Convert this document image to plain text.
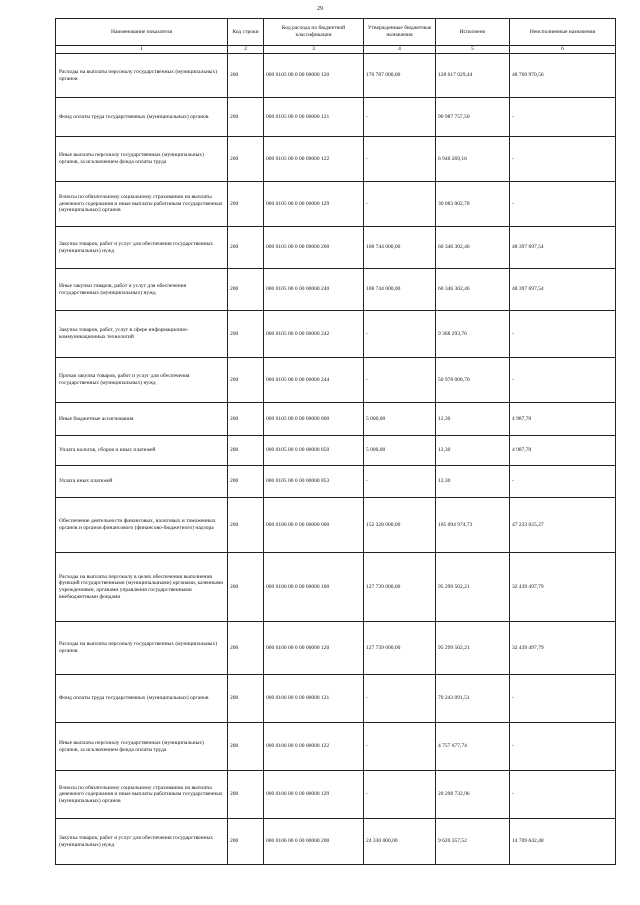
29
Наименование показателя	Код строки	Код расхода по бюджетной классификации	Утвержденные бюджетные назначения	Исполнено	Неисполненные назначения
1	2	3	4	5	6
Расходы на выплаты персоналу государственных (муниципальных) органов	200	000 0105 00 0 00 00000 120	176 787 000,00	128 017 029,44	48 769 970,56
Фонд оплаты труда государственных (муниципальных) органов	200	000 0105 00 0 00 00000 121	-	90 987 757,50	-
Иные выплаты персоналу государственных (муниципальных) органов, за исключением фонда оплаты труда	200	000 0105 00 0 00 00000 122	-	6 946 269,16	-
Взносы по обязательному социальному страхованию на выплаты денежного содержания и иные выплаты работникам государственных (муниципальных) органов	200	000 0105 00 0 00 00000 129	-	30 083 002,78	-
Закупка товаров, работ и услуг для обеспечения государственных (муниципальных) нужд	200	000 0105 00 0 00 00000 200	108 744 000,00	60 346 302,46	48 397 697,54
Иные закупки товаров, работ и услуг для обеспечения государственных (муниципальных) нужд	200	000 0105 00 0 00 00000 240	108 744 000,00	60 346 302,46	48 397 697,54
Закупка товаров, работ, услуг в сфере информационно-коммуникационных технологий	200	000 0105 00 0 00 00000 242	-	9 368 293,76	-
Прочая закупка товаров, работ и услуг для обеспечения государственных (муниципальных) нужд	200	000 0105 00 0 00 00000 244	-	50 978 008,70	-
Иные бюджетные ассигнования	200	000 0105 00 0 00 00000 800	5 000,00	12,30	4 987,70
Уплата налогов, сборов и иных платежей	200	000 0105 00 0 00 00000 850	5 000,00	12,30	4 987,70
Уплата иных платежей	200	000 0105 00 0 00 00000 853	-	12,30	-
Обеспечение деятельности финансовых, налоговых и таможенных органов и органов финансового (финансово-бюджетного) надзора	200	000 0106 00 0 00 00000 000	152 328 000,00	105 094 974,73	47 233 025,27
Расходы на выплаты персоналу в целях обеспечения выполнения функций государственными (муниципальными) органами, казенными учреждениями, органами управления государственными внебюджетными фондами	200	000 0106 00 0 00 00000 100	127 739 000,00	95 299 502,21	32 439 497,79
Расходы на выплаты персоналу государственных (муниципальных) органов	200	000 0106 00 0 00 00000 120	127 739 000,00	95 299 502,21	32 439 497,79
Фонд оплаты труда государственных (муниципальных) органов	200	000 0106 00 0 00 00000 121	-	70 243 091,51	-
Иные выплаты персоналу государственных (муниципальных) органов, за исключением фонда оплаты труда	200	000 0106 00 0 00 00000 122	-	4 757 677,74	-
Взносы по обязательному социальному страхованию на выплаты денежного содержания и иные выплаты работникам государственных (муниципальных) органов	200	000 0106 00 0 00 00000 129	-	20 298 732,96	-
Закупка товаров, работ и услуг для обеспечения государственных (муниципальных) нужд	200	000 0106 00 0 00 00000 200	24 330 000,00	9 620 357,52	14 709 642,48
